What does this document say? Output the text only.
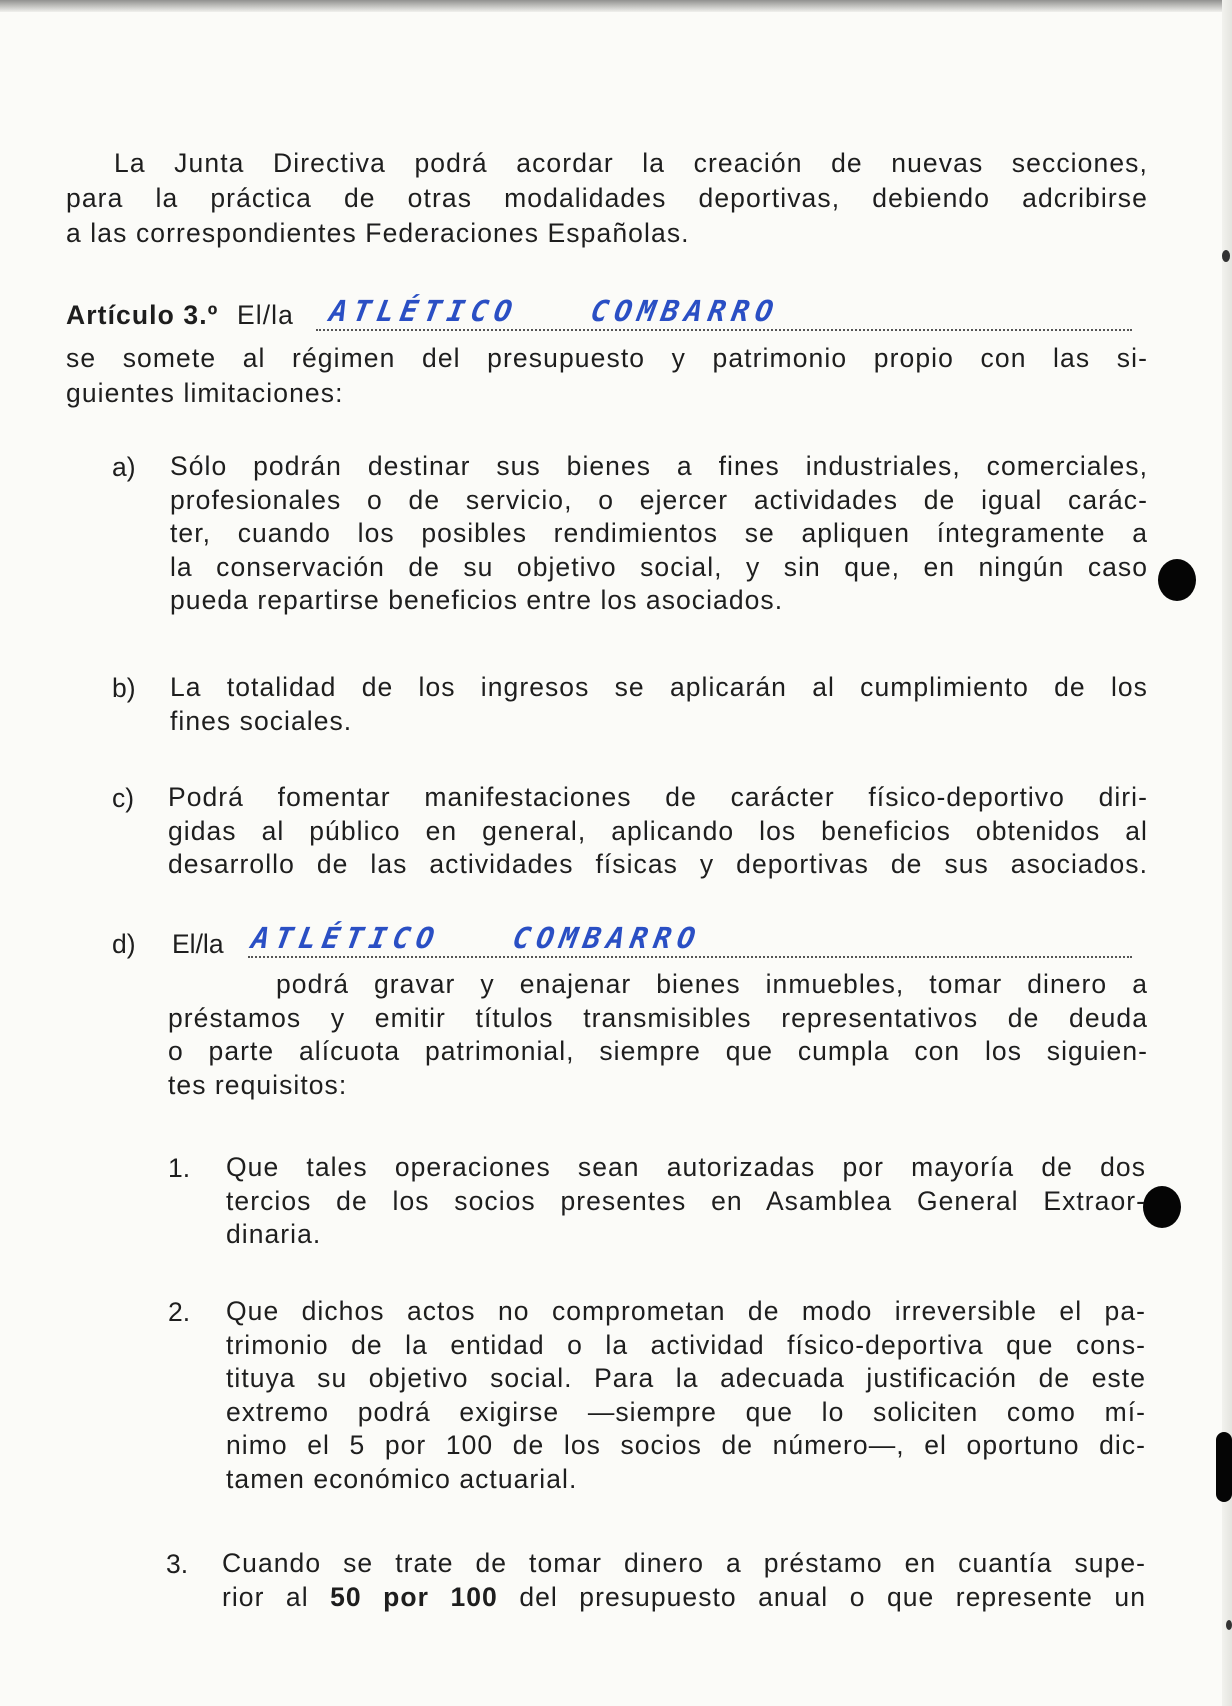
La Junta Directiva podrá acordar la creación de nuevas secciones,

para la práctica de otras modalidades deportivas, debiendo adcribirse

a las correspondientes Federaciones Españolas.

Artículo 3.º El/la ATLÉTICO COMBARRO

se somete al régimen del presupuesto y patrimonio propio con las si-

guientes limitaciones:

a) Sólo podrán destinar sus bienes a fines industriales, comerciales,

profesionales o de servicio, o ejercer actividades de igual carác-

ter, cuando los posibles rendimientos se apliquen íntegramente a

la conservación de su objetivo social, y sin que, en ningún caso

pueda repartirse beneficios entre los asociados.

b) La totalidad de los ingresos se aplicarán al cumplimiento de los

fines sociales.

c) Podrá fomentar manifestaciones de carácter físico-deportivo diri-

gidas al público en general, aplicando los beneficios obtenidos al

desarrollo de las actividades físicas y deportivas de sus asociados.

d) El/la ATLÉTICO COMBARRO

podrá gravar y enajenar bienes inmuebles, tomar dinero a

préstamos y emitir títulos transmisibles representativos de deuda

o parte alícuota patrimonial, siempre que cumpla con los siguien-

tes requisitos:

1. Que tales operaciones sean autorizadas por mayoría de dos

tercios de los socios presentes en Asamblea General Extraor-

dinaria.

2. Que dichos actos no comprometan de modo irreversible el pa-

trimonio de la entidad o la actividad físico-deportiva que cons-

tituya su objetivo social. Para la adecuada justificación de este

extremo podrá exigirse —siempre que lo soliciten como mí-

nimo el 5 por 100 de los socios de número—, el oportuno dic-

tamen económico actuarial.

3. Cuando se trate de tomar dinero a préstamo en cuantía supe-

rior al 50 por 100 del presupuesto anual o que represente un
